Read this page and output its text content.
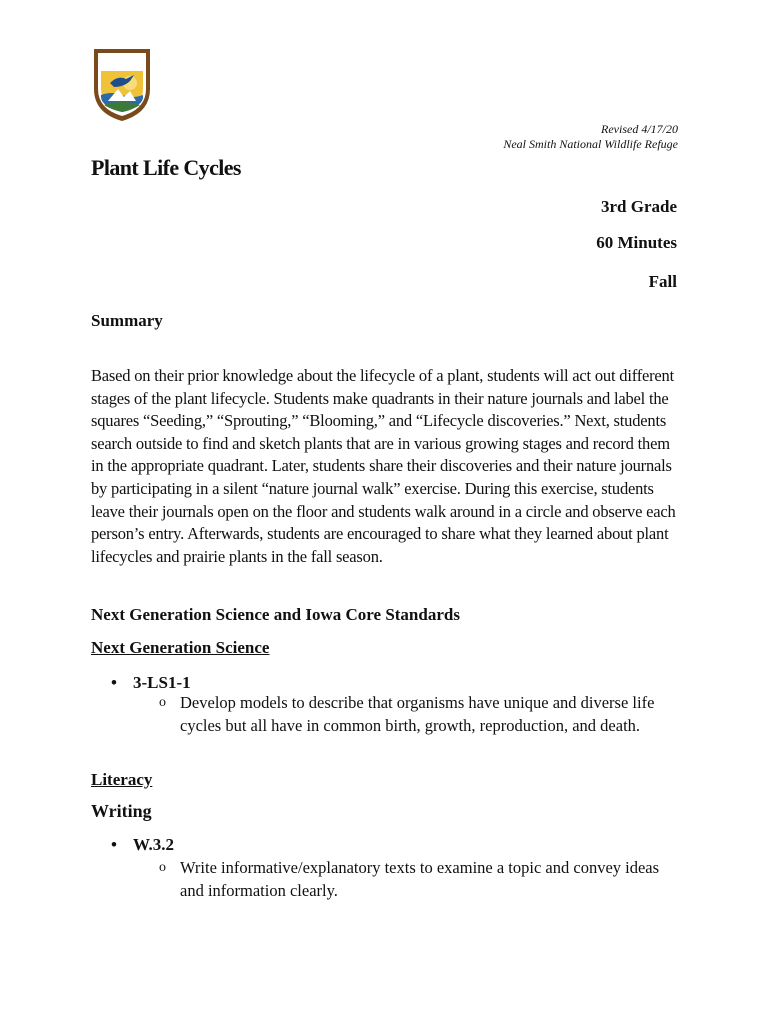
Revised 4/17/20
Neal Smith National Wildlife Refuge
Plant Life Cycles
3rd Grade
60 Minutes
Fall
Summary

Based on their prior knowledge about the lifecycle of a plant, students will act out different stages of the plant lifecycle. Students make quadrants in their nature journals and label the squares “Seeding,” “Sprouting,” “Blooming,” and “Lifecycle discoveries.” Next, students search outside to find and sketch plants that are in various growing stages and record them in the appropriate quadrant. Later, students share their discoveries and their nature journals by participating in a silent “nature journal walk” exercise. During this exercise, students leave their journals open on the floor and students walk around in a circle and observe each person’s entry. Afterwards, students are encouraged to share what they learned about plant lifecycles and prairie plants in the fall season.

Next Generation Science and Iowa Core Standards
Next Generation Science
• 3-LS1-1
o Develop models to describe that organisms have unique and diverse life cycles but all have in common birth, growth, reproduction, and death.
Literacy
Writing
• W.3.2
o Write informative/explanatory texts to examine a topic and convey ideas and information clearly.
